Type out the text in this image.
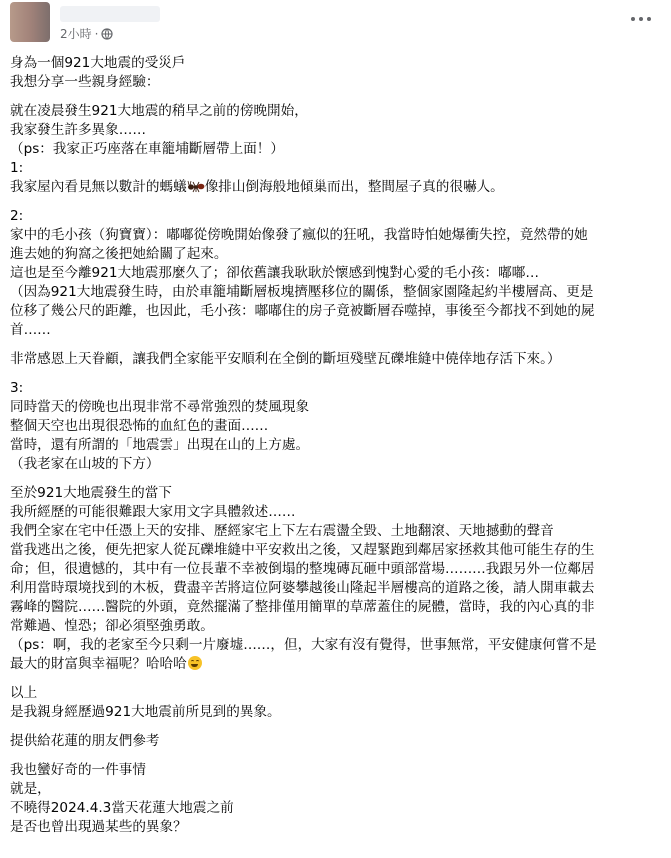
2小時 ·
身為一個921大地震的受災戶
我想分享一些親身經驗：
就在凌晨發生921大地震的稍早之前的傍晚開始，
我家發生許多異象……
（ps：我家正巧座落在車籠埔斷層帶上面！）
1:
我家屋內看見無以數計的螞蟻 像排山倒海般地傾巢而出，整間屋子真的很嚇人。
2:
家中的毛小孩（狗寶寶）：嘟嘟從傍晚開始像發了瘋似的狂吼，我當時怕她爆衝失控，竟然帶的她
進去她的狗窩之後把她給關了起來。
這也是至今離921大地震那麼久了；卻依舊讓我耿耿於懷感到愧對心愛的毛小孩：嘟嘟…
（因為921大地震發生時，由於車籠埔斷層板塊擠壓移位的關係，整個家園隆起約半樓層高、更是
位移了幾公尺的距離，也因此，毛小孩：嘟嘟住的房子竟被斷層吞噬掉，事後至今都找不到她的屍
首……
非常感恩上天眷顧，讓我們全家能平安順利在全倒的斷垣殘壁瓦礫堆縫中僥倖地存活下來。）
3:
同時當天的傍晚也出現非常不尋常強烈的焚風現象
整個天空也出現很恐怖的血紅色的畫面……
當時，還有所謂的「地震雲」出現在山的上方處。
（我老家在山坡的下方）
至於921大地震發生的當下
我所經歷的可能很難跟大家用文字具體敘述……
我們全家在宅中任憑上天的安排、歷經家宅上下左右震盪全毀、土地翻滾、天地撼動的聲音
當我逃出之後，便先把家人從瓦礫堆縫中平安救出之後，又趕緊跑到鄰居家拯救其他可能生存的生
命；但，很遺憾的，其中有一位長輩不幸被倒塌的整塊磚瓦砸中頭部當場………我跟另外一位鄰居
利用當時環境找到的木板，費盡辛苦將這位阿婆攀越後山隆起半層樓高的道路之後，請人開車載去
霧峰的醫院……醫院的外頭，竟然擺滿了整排僅用簡單的草蓆蓋住的屍體，當時，我的內心真的非
常難過、惶恐；卻必須堅強勇敢。
（ps：啊，我的老家至今只剩一片廢墟……，但，大家有沒有覺得，世事無常，平安健康何嘗不是
最大的財富與幸福呢？哈哈哈
以上
是我親身經歷過921大地震前所見到的異象。
提供給花蓮的朋友們參考
我也蠻好奇的一件事情
就是，
不曉得2024.4.3當天花蓮大地震之前
是否也曾出現過某些的異象？
